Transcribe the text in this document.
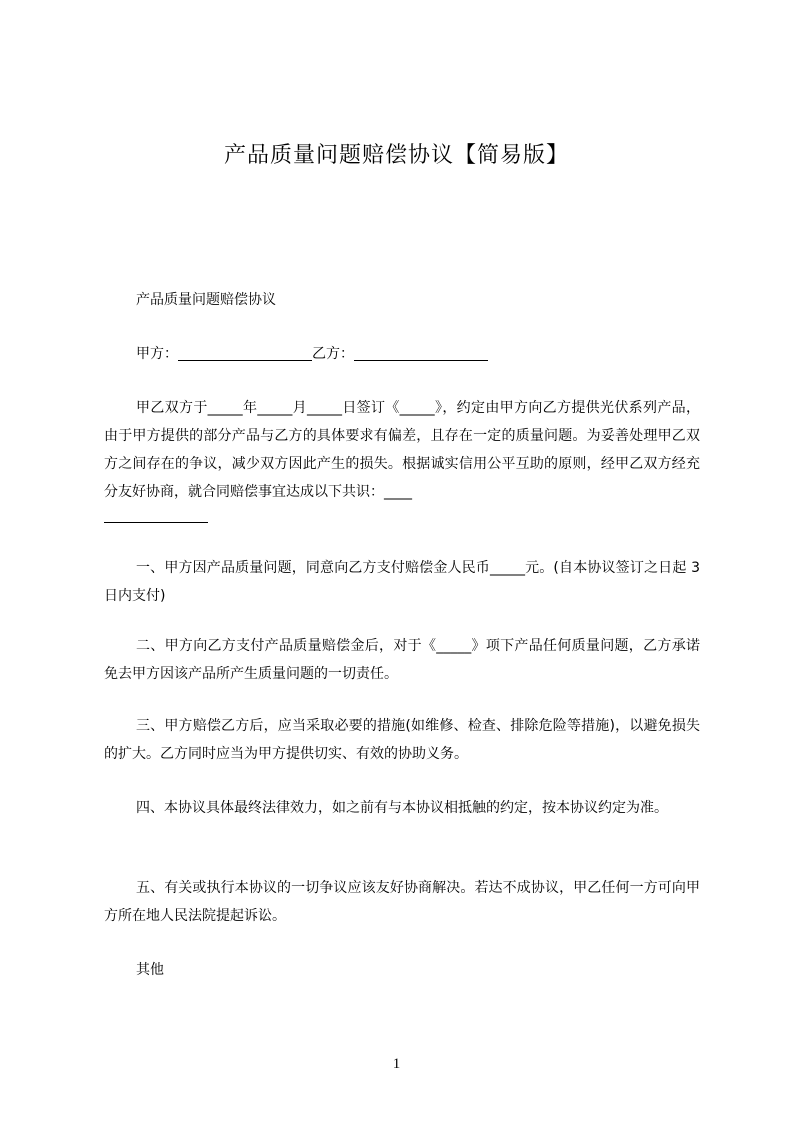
产品质量问题赔偿协议【简易版】
产品质量问题赔偿协议
甲方：	乙方：
甲乙双方于_____年_____月_____日签订《_____》，约定由甲方向乙方提供光伏系列产品，由于甲方提供的部分产品与乙方的具体要求有偏差，且存在一定的质量问题。为妥善处理甲乙双方之间存在的争议，减少双方因此产生的损失。根据诚实信用公平互助的原则，经甲乙双方经充分友好协商，就合同赔偿事宜达成以下共识：____
一、甲方因产品质量问题，同意向乙方支付赔偿金人民币_____元。(自本协议签订之日起 3 日内支付)
二、甲方向乙方支付产品质量赔偿金后，对于《_____》项下产品任何质量问题，乙方承诺免去甲方因该产品所产生质量问题的一切责任。
三、甲方赔偿乙方后，应当采取必要的措施(如维修、检查、排除危险等措施)，以避免损失的扩大。乙方同时应当为甲方提供切实、有效的协助义务。
四、本协议具体最终法律效力，如之前有与本协议相抵触的约定，按本协议约定为准。
五、有关或执行本协议的一切争议应该友好协商解决。若达不成协议，甲乙任何一方可向甲方所在地人民法院提起诉讼。
其他
1
